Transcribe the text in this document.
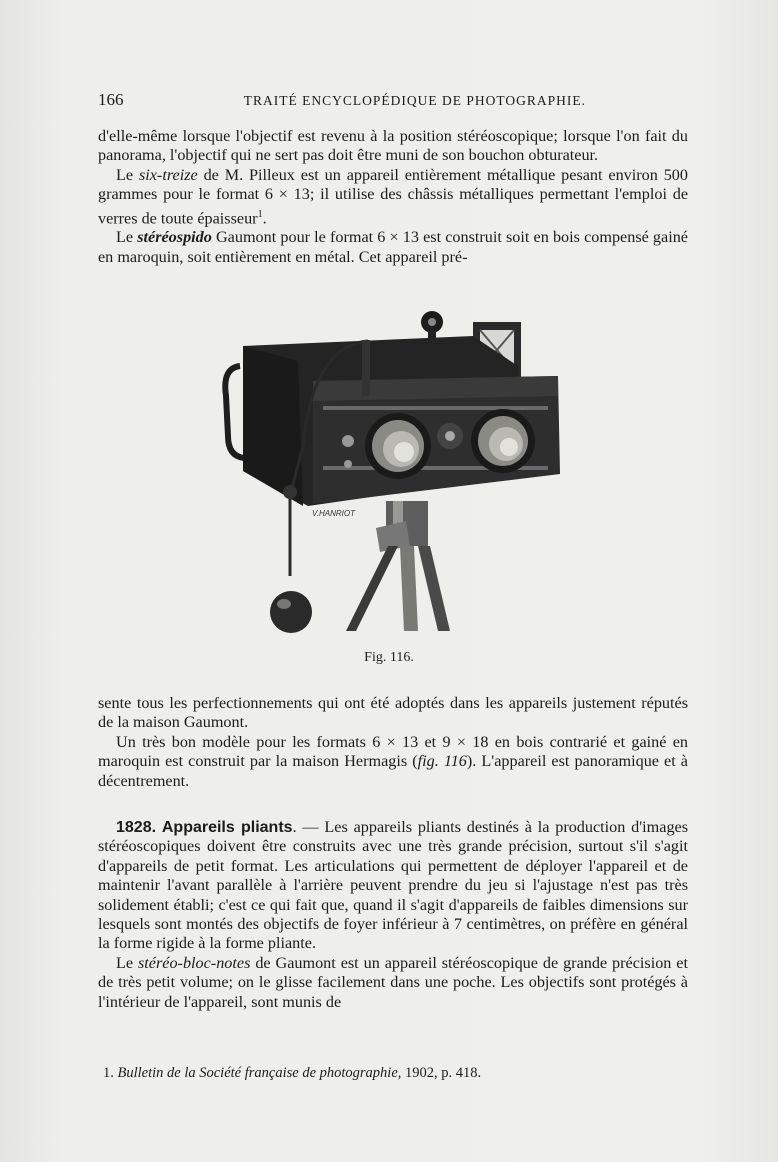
166	TRAITÉ ENCYCLOPÉDIQUE DE PHOTOGRAPHIE.

d'elle-même lorsque l'objectif est revenu à la position stéréoscopique; lorsque l'on fait du panorama, l'objectif qui ne sert pas doit être muni de son bouchon obturateur.

Le six-treize de M. Pilleux est un appareil entièrement métallique pesant environ 500 grammes pour le format 6 × 13; il utilise des châssis métalliques permettant l'emploi de verres de toute épaisseur$^1$.

Le stéréospido Gaumont pour le format 6 × 13 est construit soit en bois compensé gainé en maroquin, soit entièrement en métal. Cet appareil pré-

V.HANRIOT
Fig. 116.

sente tous les perfectionnements qui ont été adoptés dans les appareils justement réputés de la maison Gaumont.

Un très bon modèle pour les formats 6 × 13 et 9 × 18 en bois contrarié et gainé en maroquin est construit par la maison Hermagis (fig. 116). L'appareil est panoramique et à décentrement.

1828. Appareils pliants. — Les appareils pliants destinés à la production d'images stéréoscopiques doivent être construits avec une très grande précision, surtout s'il s'agit d'appareils de petit format. Les articulations qui permettent de déployer l'appareil et de maintenir l'avant parallèle à l'arrière peuvent prendre du jeu si l'ajustage n'est pas très solidement établi; c'est ce qui fait que, quand il s'agit d'appareils de faibles dimensions sur lesquels sont montés des objectifs de foyer inférieur à 7 centimètres, on préfère en général la forme rigide à la forme pliante.

Le stéréo-bloc-notes de Gaumont est un appareil stéréoscopique de grande précision et de très petit volume; on le glisse facilement dans une poche. Les objectifs sont protégés à l'intérieur de l'appareil, sont munis de

1. Bulletin de la Société française de photographie, 1902, p. 418.
